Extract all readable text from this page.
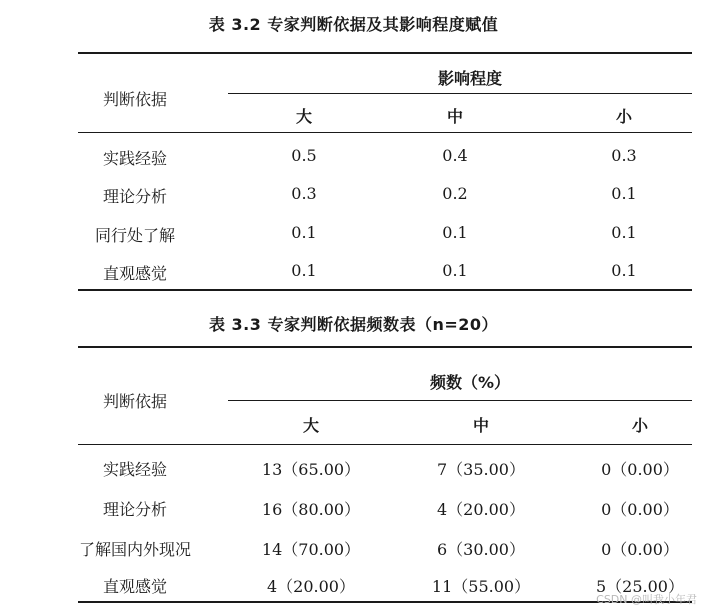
表 3.2 专家判断依据及其影响程度赋值
判断依据
影响程度
大	中	小
实践经验	0.5	0.4	0.3
理论分析	0.3	0.2	0.1
同行处了解	0.1	0.1	0.1
直观感觉	0.1	0.1	0.1
表 3.3 专家判断依据频数表（n=20）
判断依据
频数（%）
大	中	小
实践经验	13（65.00）	7（35.00）	0（0.00）
理论分析	16（80.00）	4（20.00）	0（0.00）
了解国内外现况	14（70.00）	6（30.00）	0（0.00）
直观感觉	4（20.00）	11（55.00）	5（25.00）
CSDN @叫我小年君
